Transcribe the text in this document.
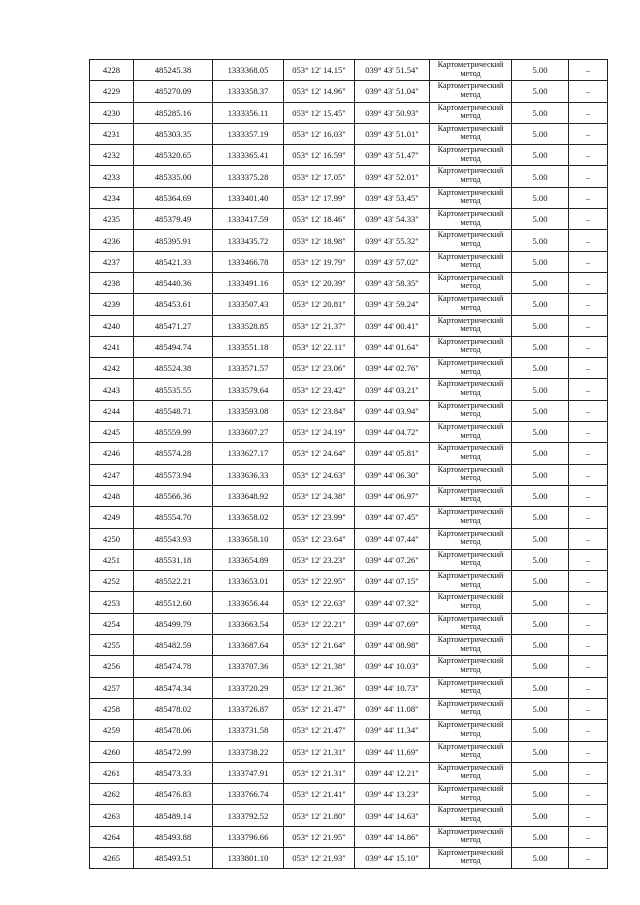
4228	485245.38	1333368.05	053° 12' 14.15"	039° 43' 51.54"	Картометрический метод	5.00	–
4229	485270.09	1333358.37	053° 12' 14.96"	039° 43' 51.04"	Картометрический метод	5.00	–
4230	485285.16	1333356.11	053° 12' 15.45"	039° 43' 50.93"	Картометрический метод	5.00	–
4231	485303.35	1333357.19	053° 12' 16.03"	039° 43' 51.01"	Картометрический метод	5.00	–
4232	485320.65	1333365.41	053° 12' 16.59"	039° 43' 51.47"	Картометрический метод	5.00	–
4233	485335.00	1333375.28	053° 12' 17.05"	039° 43' 52.01"	Картометрический метод	5.00	–
4234	485364.69	1333401.40	053° 12' 17.99"	039° 43' 53.45"	Картометрический метод	5.00	–
4235	485379.49	1333417.59	053° 12' 18.46"	039° 43' 54.33"	Картометрический метод	5.00	–
4236	485395.91	1333435.72	053° 12' 18.98"	039° 43' 55.32"	Картометрический метод	5.00	–
4237	485421.33	1333466.78	053° 12' 19.79"	039° 43' 57.02"	Картометрический метод	5.00	–
4238	485440.36	1333491.16	053° 12' 20.39"	039° 43' 58.35"	Картометрический метод	5.00	–
4239	485453.61	1333507.43	053° 12' 20.81"	039° 43' 59.24"	Картометрический метод	5.00	–
4240	485471.27	1333528.85	053° 12' 21.37"	039° 44' 00.41"	Картометрический метод	5.00	–
4241	485494.74	1333551.18	053° 12' 22.11"	039° 44' 01.64"	Картометрический метод	5.00	–
4242	485524.38	1333571.57	053° 12' 23.06"	039° 44' 02.76"	Картометрический метод	5.00	–
4243	485535.55	1333579.64	053° 12' 23.42"	039° 44' 03.21"	Картометрический метод	5.00	–
4244	485548.71	1333593.08	053° 12' 23.84"	039° 44' 03.94"	Картометрический метод	5.00	–
4245	485559.99	1333607.27	053° 12' 24.19"	039° 44' 04.72"	Картометрический метод	5.00	–
4246	485574.28	1333627.17	053° 12' 24.64"	039° 44' 05.81"	Картометрический метод	5.00	–
4247	485573.94	1333636.33	053° 12' 24.63"	039° 44' 06.30"	Картометрический метод	5.00	–
4248	485566.36	1333648.92	053° 12' 24.38"	039° 44' 06.97"	Картометрический метод	5.00	–
4249	485554.70	1333658.02	053° 12' 23.99"	039° 44' 07.45"	Картометрический метод	5.00	–
4250	485543.93	1333658.10	053° 12' 23.64"	039° 44' 07.44"	Картометрический метод	5.00	–
4251	485531.18	1333654.89	053° 12' 23.23"	039° 44' 07.26"	Картометрический метод	5.00	–
4252	485522.21	1333653.01	053° 12' 22.95"	039° 44' 07.15"	Картометрический метод	5.00	–
4253	485512.60	1333656.44	053° 12' 22.63"	039° 44' 07.32"	Картометрический метод	5.00	–
4254	485499.79	1333663.54	053° 12' 22.21"	039° 44' 07.69"	Картометрический метод	5.00	–
4255	485482.59	1333687.64	053° 12' 21.64"	039° 44' 08.98"	Картометрический метод	5.00	–
4256	485474.78	1333707.36	053° 12' 21.38"	039° 44' 10.03"	Картометрический метод	5.00	–
4257	485474.34	1333720.29	053° 12' 21.36"	039° 44' 10.73"	Картометрический метод	5.00	–
4258	485478.02	1333726.87	053° 12' 21.47"	039° 44' 11.08"	Картометрический метод	5.00	–
4259	485478.06	1333731.58	053° 12' 21.47"	039° 44' 11.34"	Картометрический метод	5.00	–
4260	485472.99	1333738.22	053° 12' 21.31"	039° 44' 11.69"	Картометрический метод	5.00	–
4261	485473.33	1333747.91	053° 12' 21.31"	039° 44' 12.21"	Картометрический метод	5.00	–
4262	485476.83	1333766.74	053° 12' 21.41"	039° 44' 13.23"	Картометрический метод	5.00	–
4263	485489.14	1333792.52	053° 12' 21.80"	039° 44' 14.63"	Картометрический метод	5.00	–
4264	485493.88	1333796.66	053° 12' 21.95"	039° 44' 14.86"	Картометрический метод	5.00	–
4265	485493.51	1333801.10	053° 12' 21.93"	039° 44' 15.10"	Картометрический метод	5.00	–
